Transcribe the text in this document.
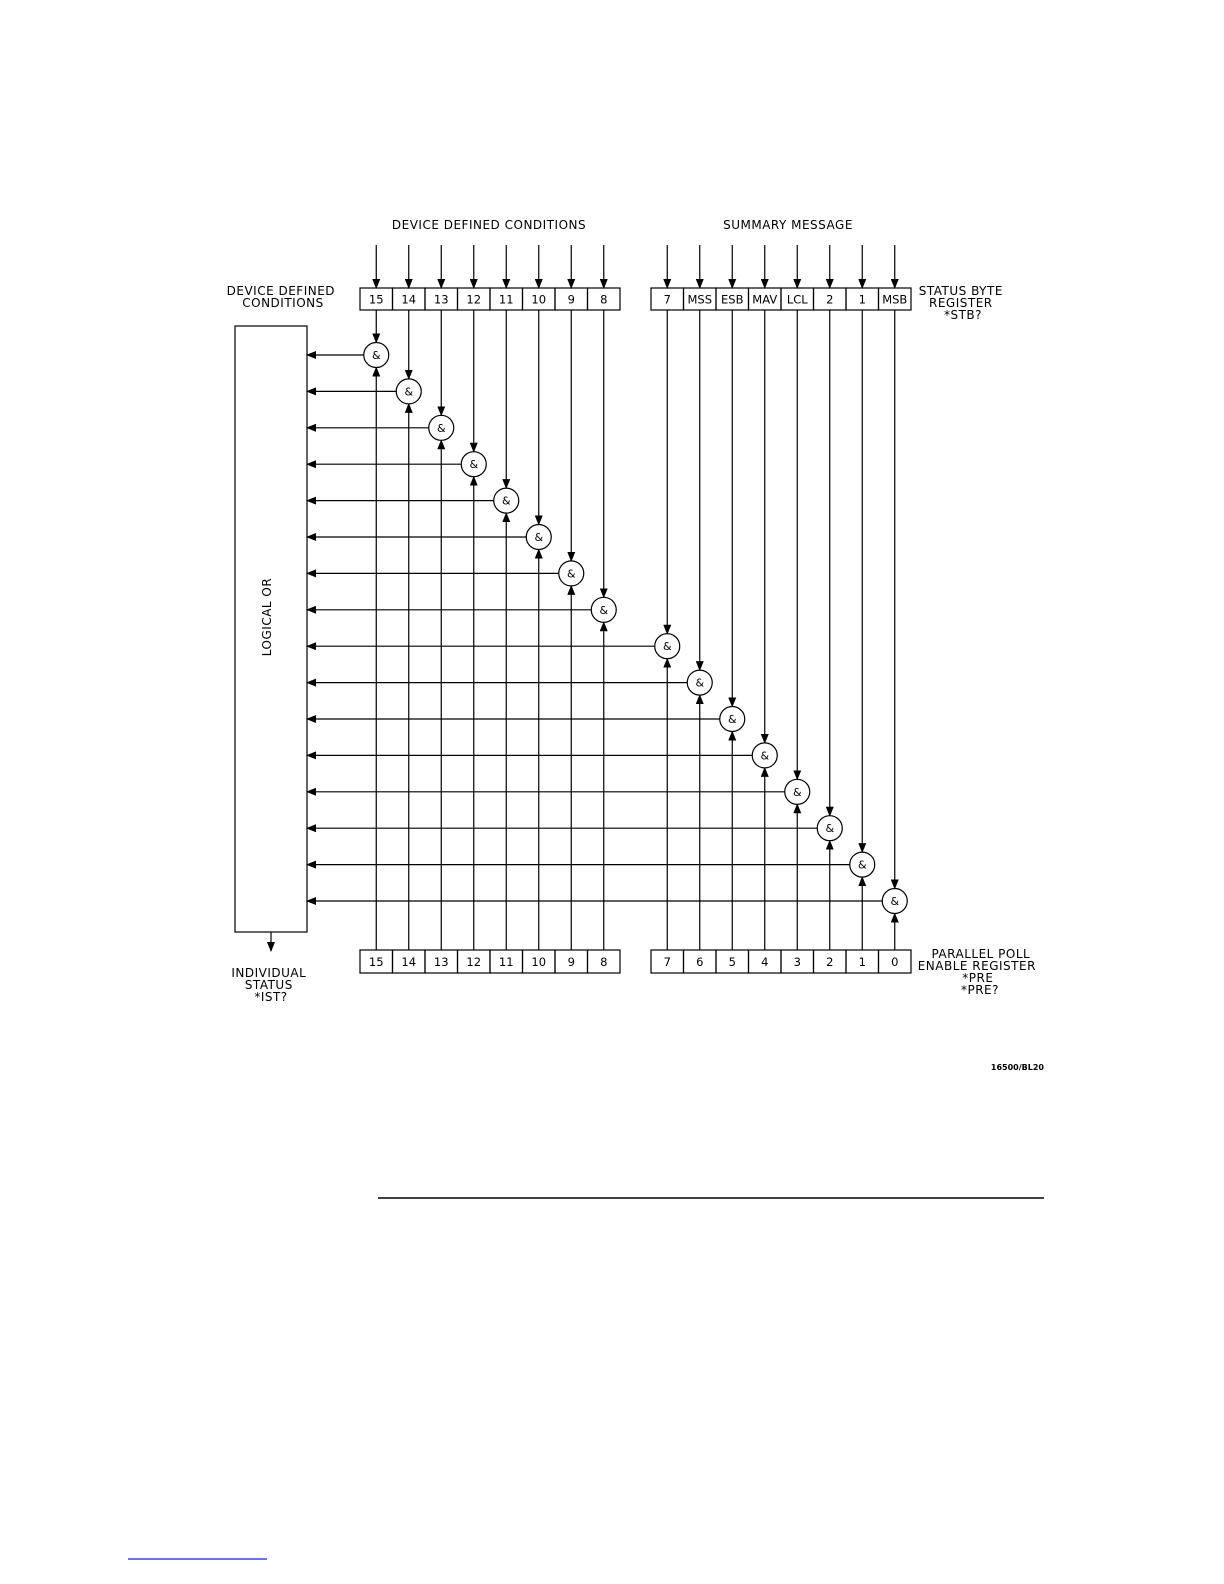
DEVICE DEFINED CONDITIONS	SUMMARY MESSAGE
DEVICE DEFINED CONDITIONS
STATUS BYTE REGISTER *STB?
PARALLEL POLL ENABLE REGISTER *PRE *PRE?
INDIVIDUAL STATUS *IST?
LOGICAL OR
16500/BL20
15 14 13 12 11 10 9 8	7 MSS ESB MAV LCL 2 1 MSB
15 14 13 12 11 10 9 8	7 6 5 4 3 2 1 0
&
&
&
&
&
&
&
&
&
&
&
&
&
&
&
&
